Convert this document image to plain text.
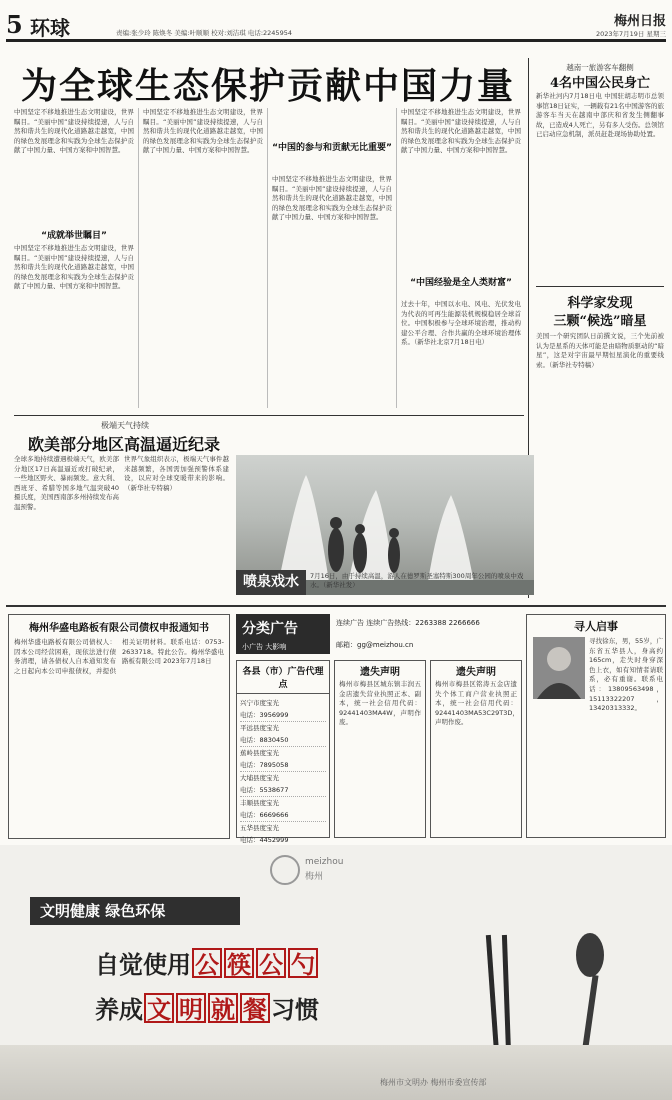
5 环球	责编:张少玲 陈焕冬 美编:叶顺顺 校对:刘洁琪 电话:2245954
梅州日报
2023年7月19日 星期三
为全球生态保护贡献中国力量
中国坚定不移地推进生态文明建设，世界瞩目。“美丽中国”建设持续提速，人与自然和谐共生的现代化道路越走越宽，中国的绿色发展理念和实践为全球生态保护贡献了中国力量、中国方案和中国智慧。
“成就举世瞩目”
中国坚定不移地推进生态文明建设，世界瞩目。“美丽中国”建设持续提速，人与自然和谐共生的现代化道路越走越宽，中国的绿色发展理念和实践为全球生态保护贡献了中国力量、中国方案和中国智慧。
中国坚定不移地推进生态文明建设，世界瞩目。“美丽中国”建设持续提速，人与自然和谐共生的现代化道路越走越宽，中国的绿色发展理念和实践为全球生态保护贡献了中国力量、中国方案和中国智慧。	“中国的参与和贡献无比重要”
中国坚定不移地推进生态文明建设，世界瞩目。“美丽中国”建设持续提速，人与自然和谐共生的现代化道路越走越宽，中国的绿色发展理念和实践为全球生态保护贡献了中国力量、中国方案和中国智慧。
中国坚定不移地推进生态文明建设，世界瞩目。“美丽中国”建设持续提速，人与自然和谐共生的现代化道路越走越宽，中国的绿色发展理念和实践为全球生态保护贡献了中国力量、中国方案和中国智慧。
“中国经验是全人类财富”
过去十年，中国以水电、风电、光伏发电为代表的可再生能源装机规模稳居全球首位。中国积极参与全球环境治理，推动构建公平合理、合作共赢的全球环境治理体系。（新华社北京7月18日电）
越南一旅游客车翻侧
4名中国公民身亡
新华社河内7月18日电 中国驻胡志明市总领事馆18日证实，一辆载有21名中国游客的旅游客车当天在越南中部庆和省发生侧翻事故，已造成4人死亡，另有多人受伤。总领馆已启动应急机制，派员赶赴现场协助处置。
科学家发现
三颗“候选”暗星
美国一个研究团队日前撰文说，三个先前被认为是星系的天体可能是由暗物质驱动的“暗星”，这是对宇宙最早期恒星演化的重要线索。（新华社专特稿）
极端天气持续
欧美部分地区高温逼近纪录
全球多地持续遭遇极端天气，欧美部分地区17日高温逼近或打破纪录，一些地区野火、暴雨频发。意大利、西班牙、希腊等国多地气温突破40摄氏度，美国西南部多州持续发布高温预警。
世界气象组织表示，极端天气事件越来越频繁，各国需加强预警体系建设，以应对全球变暖带来的影响。（新华社专特稿）
7月16日，由于持续高温，游人在德罗斯圣塞特斯300周年公园的喷泉中戏水。（新华社发）
喷泉戏水
梅州华盛电路板有限公司债权申报通知书
梅州华盛电路板有限公司债权人：因本公司经营困难，现依法进行债务清理，请各债权人自本通知发布之日起向本公司申报债权，并提供相关证明材料。联系电话：0753-2633718。特此公告。梅州华盛电路板有限公司 2023年7月18日
分类广告
小广告 大影响
连续广告 连续广告热线：2263388 2266666
邮箱：gg@meizhou.cn
各县（市）广告代理点
兴宁市度宝光
电话：3956999
平远县度宝光
电话：8830450
蕉岭县度宝光
电话：7895058
大埔县度宝光
电话：5538677
丰顺县度宝光
电话：6669666
五华县度宝光
电话：4452999
遗失声明
梅州市梅县区城东镇丰润五金店遗失营业执照正本、副本，统一社会信用代码：92441403MA4W，声明作废。
遗失声明
梅州市梅县区铭涛五金店遗失个体工商户营业执照正本，统一社会信用代码：92441403MA53C29T3D，声明作废。
寻人启事
寻找徐东，男，55岁，广东省五华县人，身高约165cm，走失时身穿深色上衣，如有知情者请联系，必有重谢。联系电话：13809563498，15113322207，13420313332。
meizhou
梅州
文明健康 绿色环保
自觉使用 公 筷 公 勺
养成 文 明 就 餐 习惯
梅州市文明办 梅州市委宣传部
